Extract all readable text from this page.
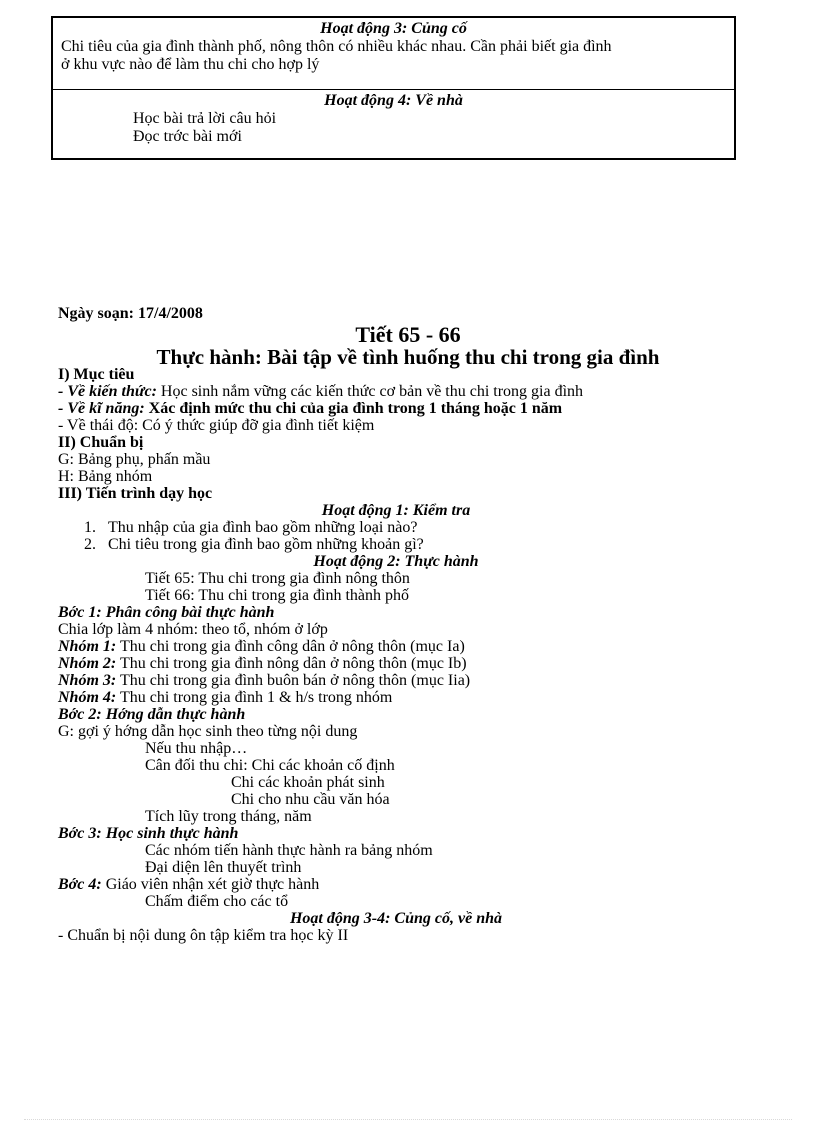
Hoạt động 3: Củng cố
Chi tiêu của gia đình thành phố, nông thôn có nhiều khác nhau. Cần phải biết gia đình
ở khu vực nào để làm thu chi cho hợp lý
Hoạt động 4: Về nhà
Học bài trả lời câu hỏi
Đọc trớc bài mới
Ngày soạn: 17/4/2008
Tiết 65 - 66
Thực hành: Bài tập về tình huống thu chi trong gia đình
I) Mục tiêu
- Về kiến thức: Học sinh nắm vững các kiến thức cơ bản về thu chi trong gia đình
- Về kĩ năng: Xác định mức thu chi của gia đình trong 1 tháng hoặc 1 năm
- Về thái độ: Có ý thức giúp đỡ gia đình tiết kiệm
II) Chuẩn bị
G: Bảng phụ, phấn mầu
H: Bảng nhóm
III) Tiến trình dạy học
Hoạt động 1: Kiểm tra
1. Thu nhập của gia đình bao gồm những loại nào?
2. Chi tiêu trong gia đình bao gồm những khoản gì?
Hoạt động 2: Thực hành
Tiết 65: Thu chi trong gia đình nông thôn
Tiết 66: Thu chi trong gia đình thành phố
Bớc 1: Phân công bài thực hành
Chia lớp làm 4 nhóm: theo tổ, nhóm ở lớp
Nhóm 1: Thu chi trong gia đình công dân ở nông thôn (mục Ia)
Nhóm 2: Thu chi trong gia đình nông dân ở nông thôn (mục Ib)
Nhóm 3: Thu chi trong gia đình buôn bán ở nông thôn (mục Iia)
Nhóm 4: Thu chi trong gia đình 1 & h/s trong nhóm
Bớc 2: Hớng dẫn thực hành
G: gợi ý hớng dẫn học sinh theo từng nội dung
Nếu thu nhập…
Cân đối thu chi: Chi các khoản cố định
Chi các khoản phát sinh
Chi cho nhu cầu văn hóa
Tích lũy trong tháng, năm
Bớc 3: Học sinh thực hành
Các nhóm tiến hành thực hành ra bảng nhóm
Đại diện lên thuyết trình
Bớc 4: Giáo viên nhận xét giờ thực hành
Chấm điểm cho các tổ
Hoạt động 3-4: Củng cố, về nhà
- Chuẩn bị nội dung ôn tập kiểm tra học kỳ II
